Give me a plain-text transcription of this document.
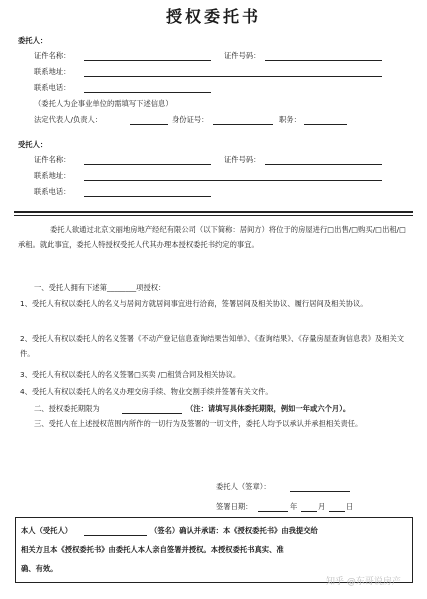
授权委托书
委托人：
证件名称：	证件号码：
联系地址：
联系电话：
（委托人为企事业单位的需填写下述信息）
法定代表人/负责人：	身份证号：	职务：
受托人：
证件名称：	证件号码：
联系地址：
联系电话：
委托人欲通过北京文丽地房地产经纪有限公司（以下简称：居间方）将位于的房屋进行□出售/□购买/□出租/□承租。就此事宜，委托人特授权受托人代其办理本授权委托书约定的事宜。
一、受托人拥有下述第________项授权：
1、受托人有权以委托人的名义与居间方就居间事宜进行洽商，签署居间及相关协议、履行居间及相关协议。
2、受托人有权以委托人的名义签署《不动产登记信息查询结果告知单》、《查询结果》、《存量房屋查询信息表》及相关文件。
3、受托人有权以委托人的名义签署□买卖 /□租赁合同及相关协议。
4、受托人有权以委托人的名义办理交房手续、物业交割手续并签署有关文件。
二、授权委托期限为	（注：请填写具体委托期限，例如一年或六个月）。
三、受托人在上述授权范围内所作的一切行为及签署的一切文件，委托人均予以承认并承担相关责任。
委托人（签章）：
签署日期：	年	月	日
本人（受托人）	（签名）确认并承诺：本《授权委托书》由我提交给
相关方且本《授权委托书》由委托人本人亲自签署并授权。本授权委托书真实、准
确、有效。
知乎 @东哥说房产
